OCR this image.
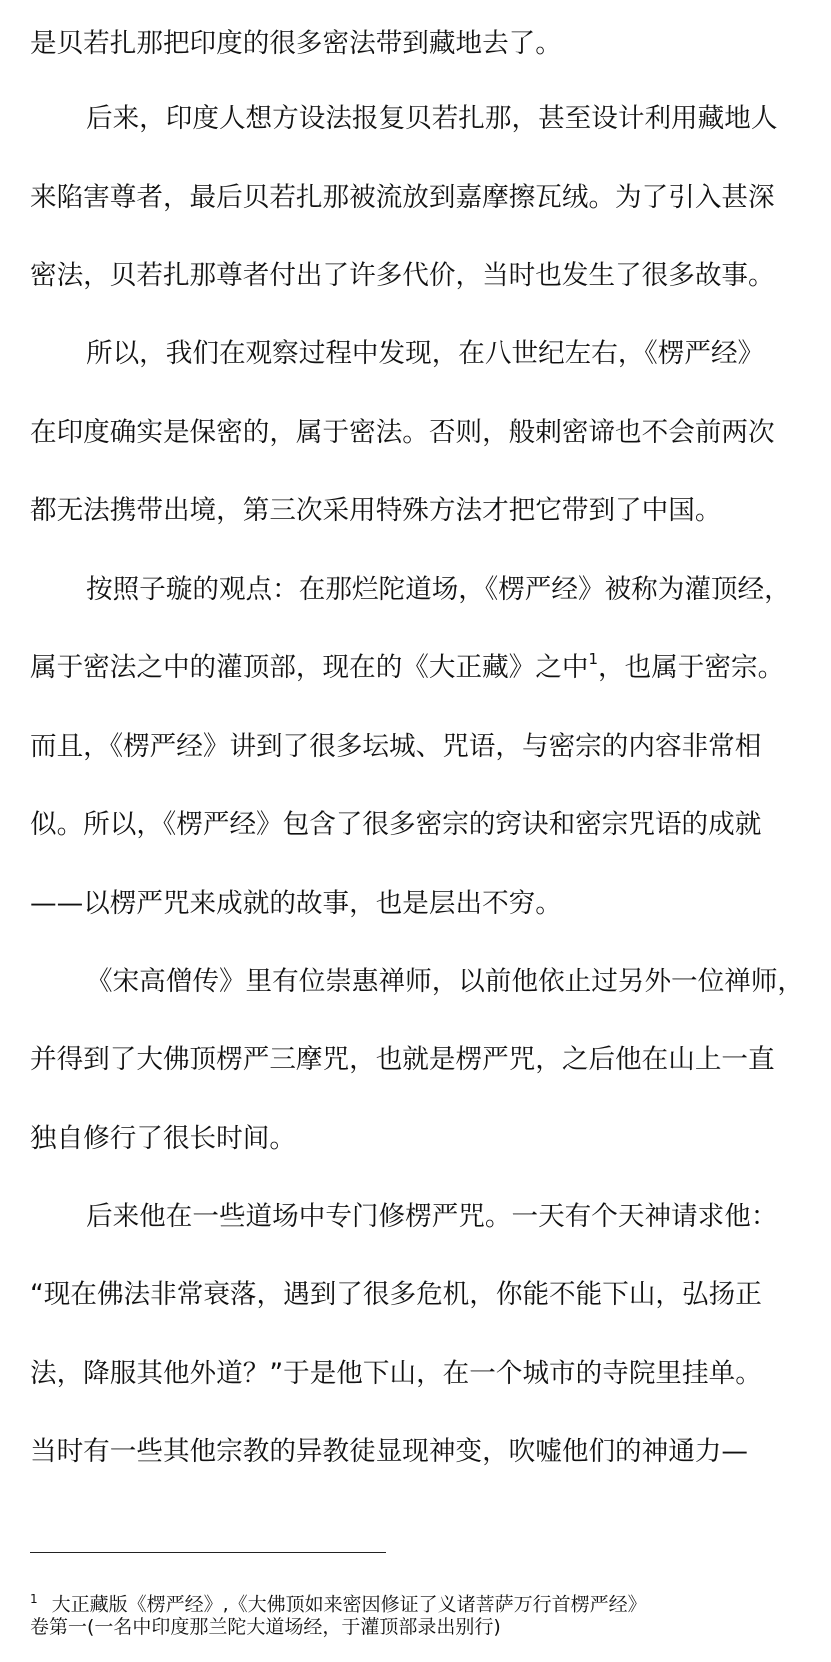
是贝若扎那把印度的很多密法带到藏地去了。
后来，印度人想方设法报复贝若扎那，甚至设计利用藏地人
来陷害尊者，最后贝若扎那被流放到嘉摩擦瓦绒。为了引入甚深
密法，贝若扎那尊者付出了许多代价，当时也发生了很多故事。
所以，我们在观察过程中发现，在八世纪左右，《楞严经》
在印度确实是保密的，属于密法。否则，般剌密谛也不会前两次
都无法携带出境，第三次采用特殊方法才把它带到了中国。
按照子璇的观点：在那烂陀道场，《楞严经》被称为灌顶经，
属于密法之中的灌顶部，现在的《大正藏》之中$^1$，也属于密宗。
而且，《楞严经》讲到了很多坛城、咒语，与密宗的内容非常相
似。所以，《楞严经》包含了很多密宗的窍诀和密宗咒语的成就
——以楞严咒来成就的故事，也是层出不穷。
《宋高僧传》里有位崇惠禅师，以前他依止过另外一位禅师，
并得到了大佛顶楞严三摩咒，也就是楞严咒，之后他在山上一直
独自修行了很长时间。
后来他在一些道场中专门修楞严咒。一天有个天神请求他：
“现在佛法非常衰落，遇到了很多危机，你能不能下山，弘扬正
法，降服其他外道？”于是他下山，在一个城市的寺院里挂单。
当时有一些其他宗教的异教徒显现神变，吹嘘他们的神通力—
$^1$ 大正藏版《楞严经》,《大佛顶如来密因修证了义诸菩萨万行首楞严经》
卷第一(一名中印度那兰陀大道场经，于灌顶部录出别行)
